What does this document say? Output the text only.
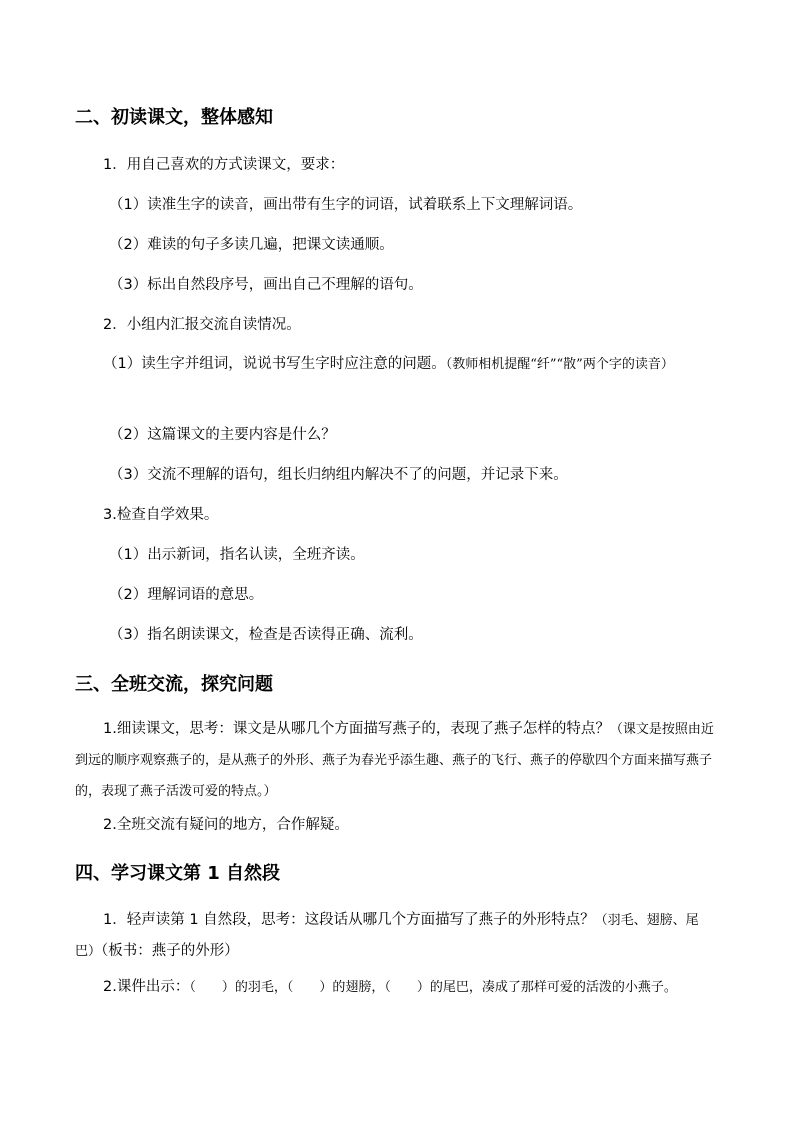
二、初读课文，整体感知
1．用自己喜欢的方式读课文，要求：
（1）读准生字的读音，画出带有生字的词语，试着联系上下文理解词语。
（2）难读的句子多读几遍，把课文读通顺。
（3）标出自然段序号，画出自己不理解的语句。
2．小组内汇报交流自读情况。
（1）读生字并组词，说说书写生字时应注意的问题。（教师相机提醒“纤”“散”两个字的读音）
（2）这篇课文的主要内容是什么？
（3）交流不理解的语句，组长归纳组内解决不了的问题，并记录下来。
3.检查自学效果。
（1）出示新词，指名认读，全班齐读。
（2）理解词语的意思。
（3）指名朗读课文，检查是否读得正确、流利。
三、全班交流，探究问题
1.细读课文，思考：课文是从哪几个方面描写燕子的，表现了燕子怎样的特点？（课文是按照由近到远的顺序观察燕子的，是从燕子的外形、燕子为春光乎添生趣、燕子的飞行、燕子的停歇四个方面来描写燕子的，表现了燕子活泼可爱的特点。）
2.全班交流有疑问的地方，合作解疑。
四、学习课文第 1 自然段
1．轻声读第 1 自然段，思考：这段话从哪几个方面描写了燕子的外形特点？（羽毛、翅膀、尾巴）（板书：燕子的外形）
2.课件出示：（　　）的羽毛，（　　）的翅膀，（　　）的尾巴，凑成了那样可爱的活泼的小燕子。
